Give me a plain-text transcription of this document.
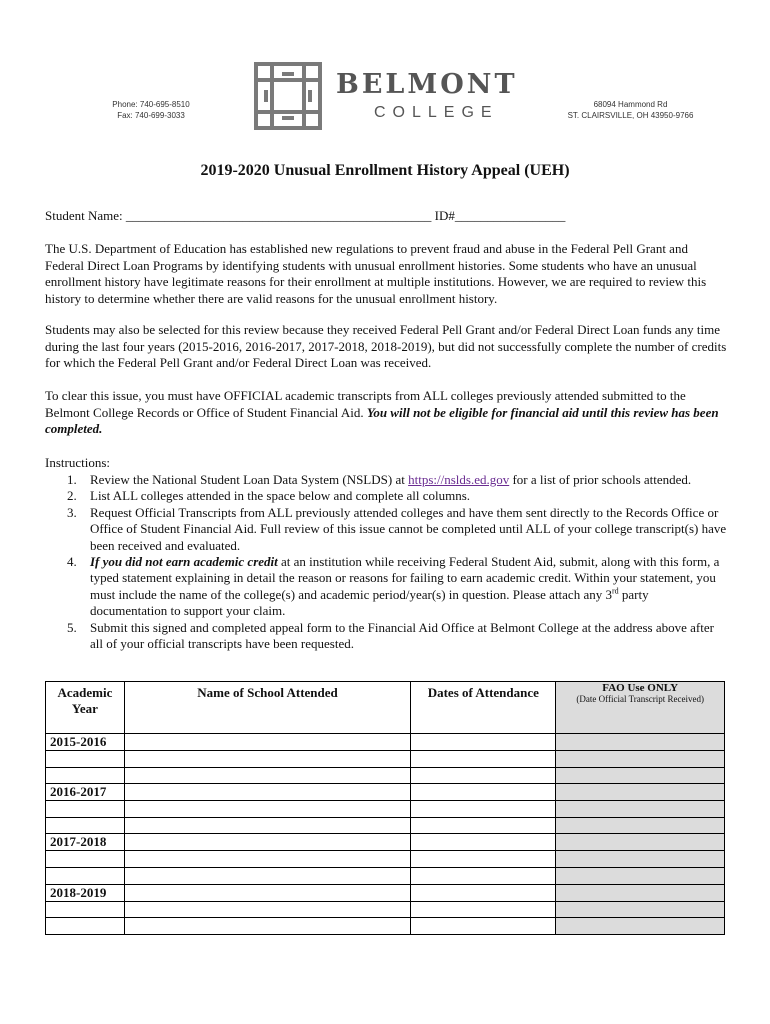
Phone: 740-695-8510
Fax: 740-699-3033
BELMONT
COLLEGE	68094 Hammond Rd
ST. CLAIRSVILLE, OH 43950-9766
2019-2020 Unusual Enrollment History Appeal (UEH)
Student Name: _______________________________________________ ID#_________________

The U.S. Department of Education has established new regulations to prevent fraud and abuse in the Federal Pell Grant and Federal Direct Loan Programs by identifying students with unusual enrollment histories. Some students who have an unusual enrollment history have legitimate reasons for their enrollment at multiple institutions. However, we are required to review this history to determine whether there are valid reasons for the unusual enrollment history.

Students may also be selected for this review because they received Federal Pell Grant and/or Federal Direct Loan funds any time during the last four years (2015-2016, 2016-2017, 2017-2018, 2018-2019), but did not successfully complete the number of credits for which the Federal Pell Grant and/or Federal Direct Loan was received.

To clear this issue, you must have OFFICIAL academic transcripts from ALL colleges previously attended submitted to the Belmont College Records or Office of Student Financial Aid. You will not be eligible for financial aid until this review has been completed.

Instructions:
1. Review the National Student Loan Data System (NSLDS) at https://nslds.ed.gov for a list of prior schools attended.
2. List ALL colleges attended in the space below and complete all columns.
3. Request Official Transcripts from ALL previously attended colleges and have them sent directly to the Records Office or Office of Student Financial Aid. Full review of this issue cannot be completed until ALL of your college transcript(s) have been received and evaluated.
4. If you did not earn academic credit at an institution while receiving Federal Student Aid, submit, along with this form, a typed statement explaining in detail the reason or reasons for failing to earn academic credit. Within your statement, you must include the name of the college(s) and academic period/year(s) in question. Please attach any 3rd party documentation to support your claim.
5. Submit this signed and completed appeal form to the Financial Aid Office at Belmont College at the address above after all of your official transcripts have been requested.
Academic Year	Name of School Attended	Dates of Attendance	FAO Use ONLY
(Date Official Transcript Received)

2015-2016			

2016-2017			

2017-2018			

2018-2019			
